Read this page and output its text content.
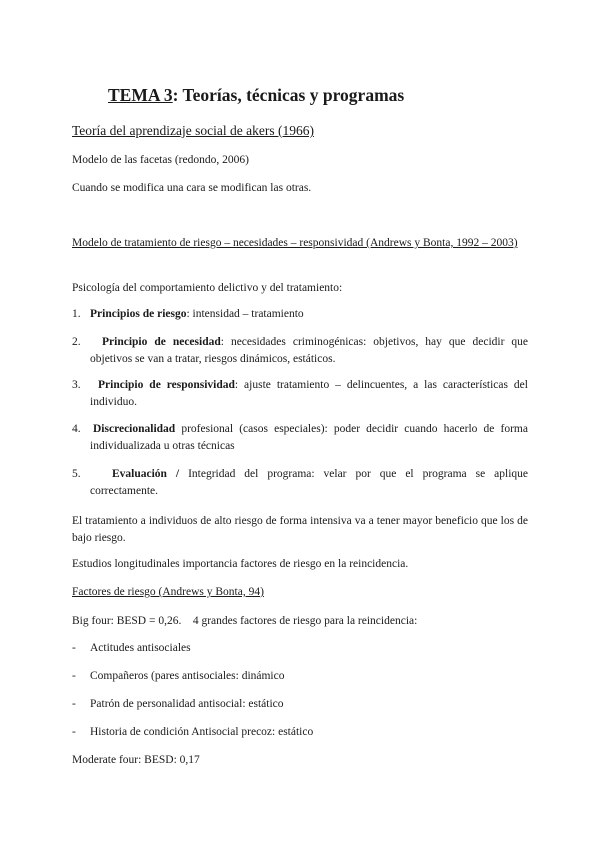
TEMA 3: Teorías, técnicas y programas
Teoría del aprendizaje social de akers (1966)
Modelo de las facetas (redondo, 2006)
Cuando se modifica una cara se modifican las otras.
Modelo de tratamiento de riesgo – necesidades – responsividad (Andrews y Bonta, 1992 – 2003)
Psicología del comportamiento delictivo y del tratamiento:
1. Principios de riesgo: intensidad – tratamiento
2.	Principio de necesidad: necesidades criminogénicas: objetivos, hay que decidir que objetivos se van a tratar, riesgos dinámicos, estáticos.
3.	Principio de responsividad: ajuste tratamiento – delincuentes, a las características del individuo.
4. Discrecionalidad profesional (casos especiales): poder decidir cuando hacerlo de forma individualizada u otras técnicas
5.	Evaluación / Integridad del programa: velar por que el programa se aplique correctamente.
El tratamiento a individuos de alto riesgo de forma intensiva va a tener mayor beneficio que los de bajo riesgo.
Estudios longitudinales importancia factores de riesgo en la reincidencia.
Factores de riesgo (Andrews y Bonta, 94)
Big four: BESD = 0,26.    4 grandes factores de riesgo para la reincidencia:
- Actitudes antisociales
- Compañeros (pares antisociales: dinámico
- Patrón de personalidad antisocial: estático
- Historia de condición Antisocial precoz: estático
Moderate four: BESD: 0,17
